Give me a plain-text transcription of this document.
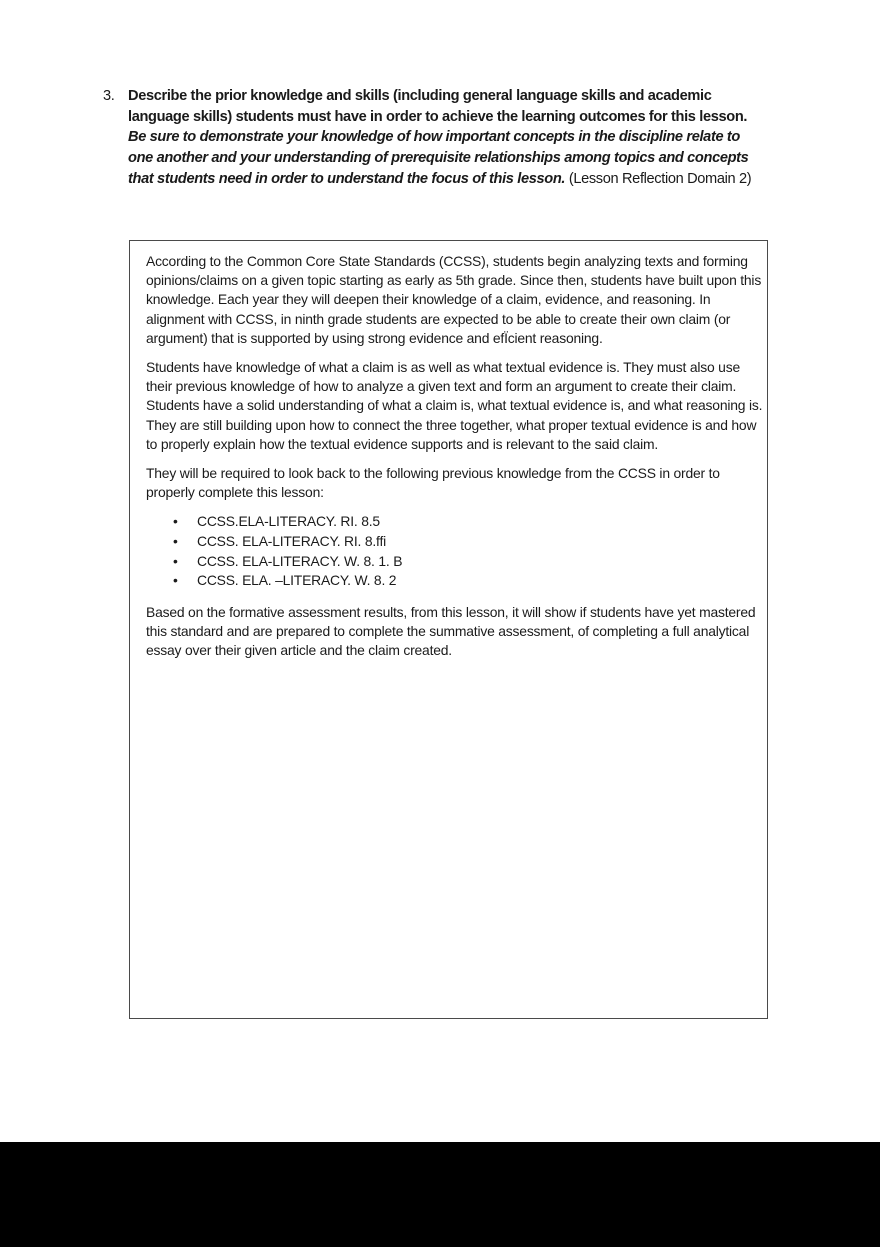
3. Describe the prior knowledge and skills (including general language skills and academic language skills) students must have in order to achieve the learning outcomes for this lesson. Be sure to demonstrate your knowledge of how important concepts in the discipline relate to one another and your understanding of prerequisite relationships among topics and concepts that students need in order to understand the focus of this lesson. (Lesson Reflection Domain 2)

According to the Common Core State Standards (CCSS), students begin analyzing texts and forming opinions/claims on a given topic starting as early as 5th grade. Since then, students have built upon this knowledge. Each year they will deepen their knowledge of a claim, evidence, and reasoning. In alignment with CCSS, in ninth grade students are expected to be able to create their own claim (or argument) that is supported by using strong evidence and efÏcient reasoning.

Students have knowledge of what a claim is as well as what textual evidence is. They must also use their previous knowledge of how to analyze a given text and form an argument to create their claim. Students have a solid understanding of what a claim is, what textual evidence is, and what reasoning is. They are still building upon how to connect the three together, what proper textual evidence is and how to properly explain how the textual evidence supports and is relevant to the said claim.

They will be required to look back to the following previous knowledge from the CCSS in order to properly complete this lesson:

• CCSS.ELA-LITERACY. RI. 8.5
• CCSS. ELA-LITERACY. RI. 8.ffi
• CCSS. ELA-LITERACY. W. 8. 1. B
• CCSS. ELA. –LITERACY. W. 8. 2

Based on the formative assessment results, from this lesson, it will show if students have yet mastered this standard and are prepared to complete the summative assessment, of completing a full analytical essay over their given article and the claim created.
